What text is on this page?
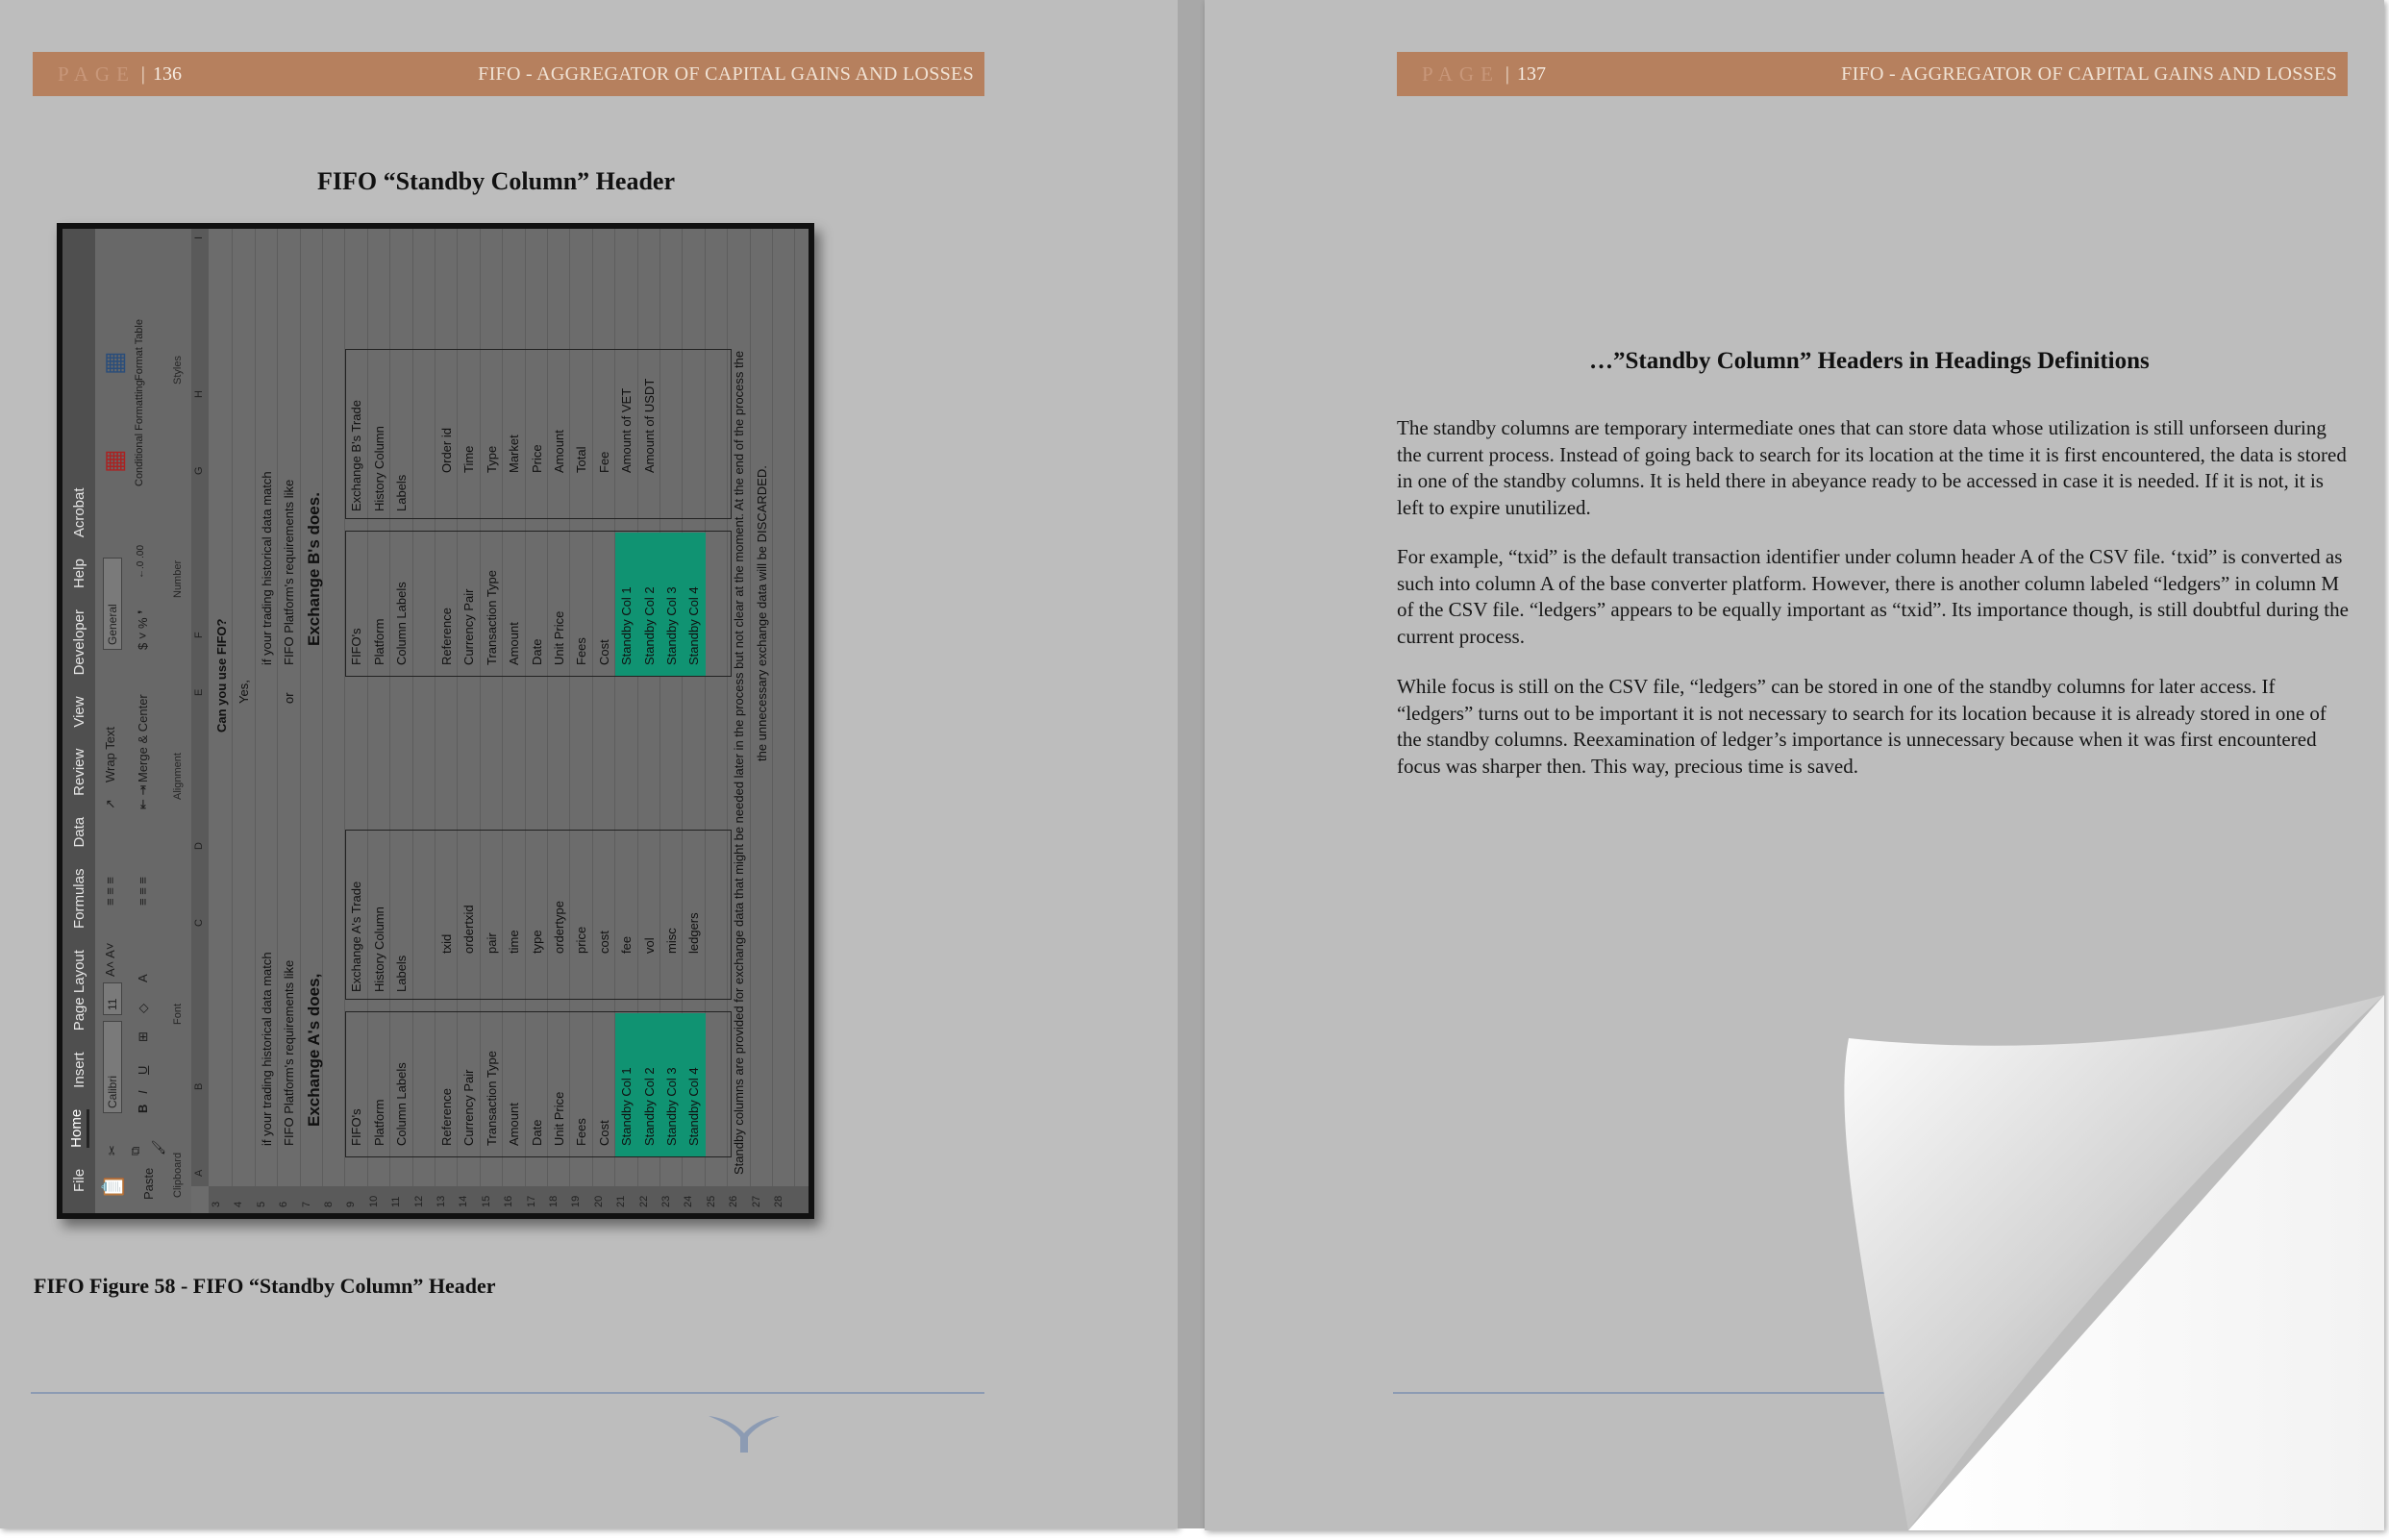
PAGE | 136	FIFO - AGGREGATOR OF CAPITAL GAINS AND LOSSES
FIFO “Standby Column” Header
File
Home
Insert
Page Layout
Formulas
Data
Review
View
Developer
Help
Acrobat
📋 Paste
✂ ⧉ 🖌
Calibri
11
A˄ A˅
B
I
U
⊞
◇
A
≡ ≡ ≡ ≡ ≡ ≡
↗
Wrap Text
⇤ ⇥
Merge & Center
General $ ˅ % ❜
←.0 .00
▦ Conditional Formatting
▦ Format Table
Clipboard
Font
Alignment
Number
Styles
A
B
C
D
E
F
G
H
I
3 4 5 6 7 8 9 10 11 12 13 14 15 16 17 18 19 20 21 22 23 24 25 26 27 28
Can you use FIFO? Yes, or
if your trading historical data match FIFO Platform's requirements like Exchange A's does,
FIFO's Platform Column Labels
Exchange A's Trade History Column Labels
Reference Currency Pair Transaction Type Amount Date Unit Price Fees Cost Standby Col 1 Standby Col 2 Standby Col 3 Standby Col 4
txid ordertxid pair time type ordertype price cost fee vol misc ledgers
if your trading historical data match FIFO Platform's requirements like Exchange B's does.
FIFO's Platform Column Labels
Exchange B's Trade History Column Labels
Reference Currency Pair Transaction Type Amount Date Unit Price Fees Cost Standby Col 1 Standby Col 2 Standby Col 3 Standby Col 4
Order id Time Type Market Price Amount Total Fee Amount of VET Amount of USDT	Standby columns are provided for exchange data that might be needed later in the process but not clear at the moment. At the end of the process the the unnecessary exchange data will be DISCARDED.
FIFO Figure 58 - FIFO “Standby Column” Header
PAGE | 137	FIFO - AGGREGATOR OF CAPITAL GAINS AND LOSSES
…”Standby Column” Headers in Headings Definitions
The standby columns are temporary intermediate ones that can store data whose utilization is still unforseen during the current process. Instead of going back to search for its location at the time it is first encountered, the data is stored in one of the standby columns. It is held there in abeyance ready to be accessed in case it is needed. If it is not, it is left to expire unutilized.
For example, “txid” is the default transaction identifier under column header A of the CSV file. ‘txid” is converted as such into column A of the base converter platform. However, there is another column labeled “ledgers” in column M of the CSV file. “ledgers” appears to be equally important as “txid”. Its importance though, is still doubtful during the current process.
While focus is still on the CSV file, “ledgers” can be stored in one of the standby columns for later access. If “ledgers” turns out to be important it is not necessary to search for its location because it is already stored in one of the standby columns. Reexamination of ledger’s importance is unnecessary because when it was first encountered focus was sharper then. This way, precious time is saved.
